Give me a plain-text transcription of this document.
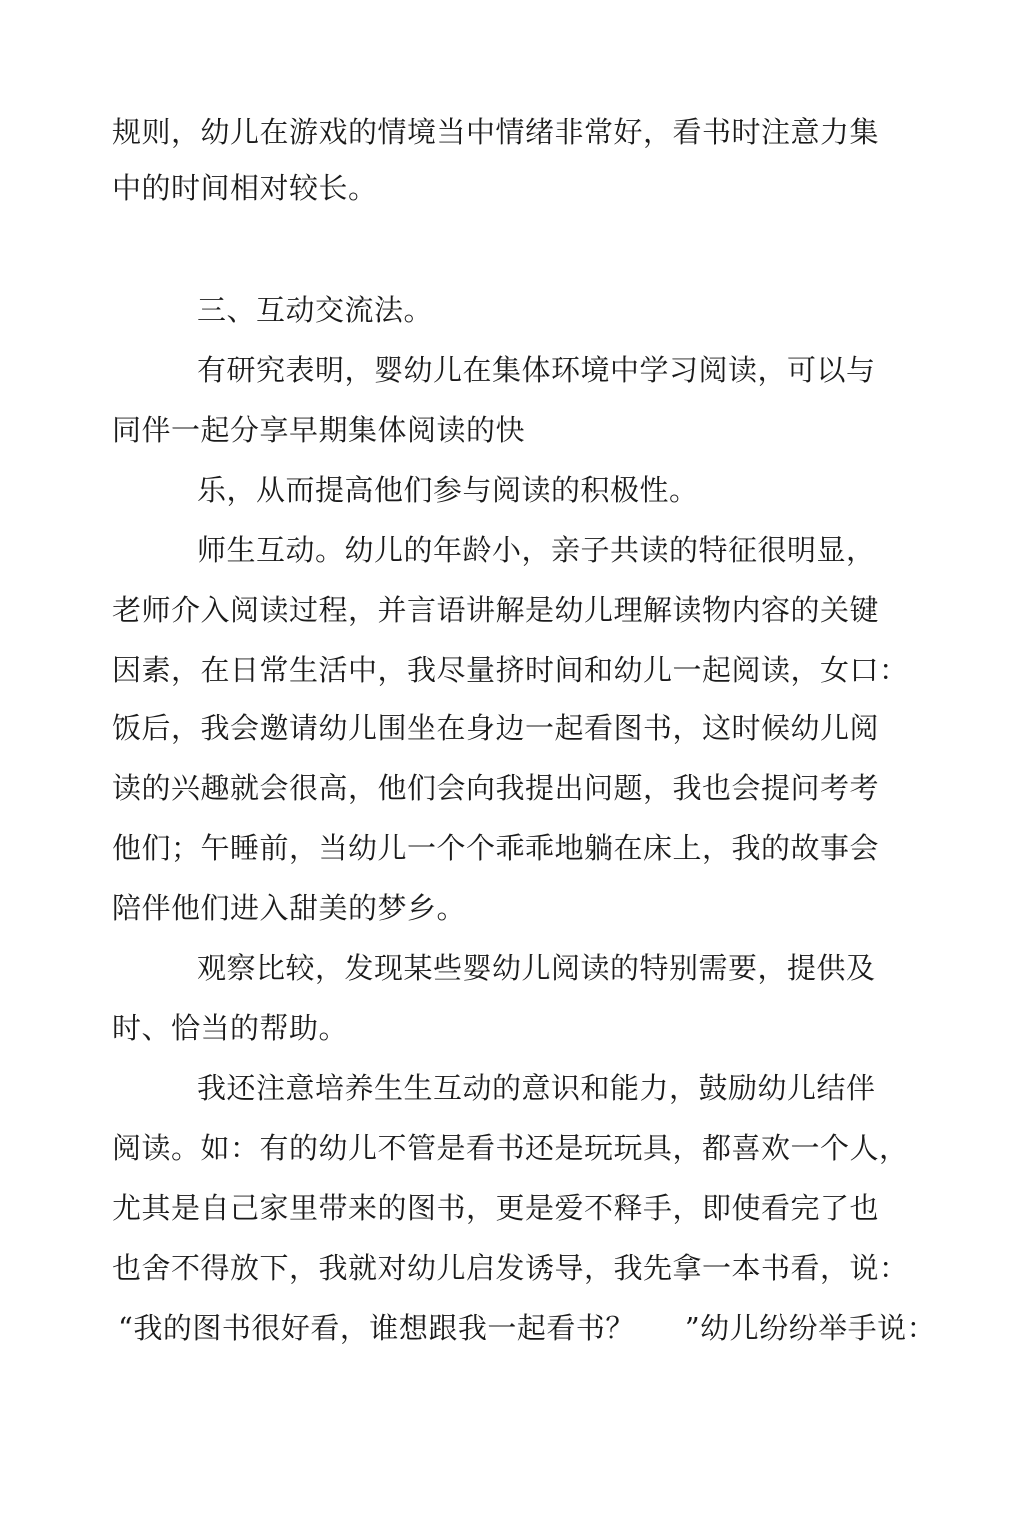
规则，幼儿在游戏的情境当中情绪非常好，看书时注意力集
中的时间相对较长。
三、互动交流法。
有研究表明，婴幼儿在集体环境中学习阅读，可以与
同伴一起分享早期集体阅读的快
乐，从而提高他们参与阅读的积极性。
师生互动。幼儿的年龄小，亲子共读的特征很明显，
老师介入阅读过程，并言语讲解是幼儿理解读物内容的关键
因素，在日常生活中，我尽量挤时间和幼儿一起阅读，女口：
饭后，我会邀请幼儿围坐在身边一起看图书，这时候幼儿阅
读的兴趣就会很高，他们会向我提出问题，我也会提问考考
他们；午睡前，当幼儿一个个乖乖地躺在床上，我的故事会
陪伴他们进入甜美的梦乡。
观察比较，发现某些婴幼儿阅读的特别需要，提供及
时、恰当的帮助。
我还注意培养生生互动的意识和能力，鼓励幼儿结伴
阅读。如：有的幼儿不管是看书还是玩玩具，都喜欢一个人，
尤其是自己家里带来的图书，更是爱不释手，即使看完了也
也舍不得放下，我就对幼儿启发诱导，我先拿一本书看，说：
“我的图书很好看，谁想跟我一起看书？ ”幼儿纷纷举手说：
